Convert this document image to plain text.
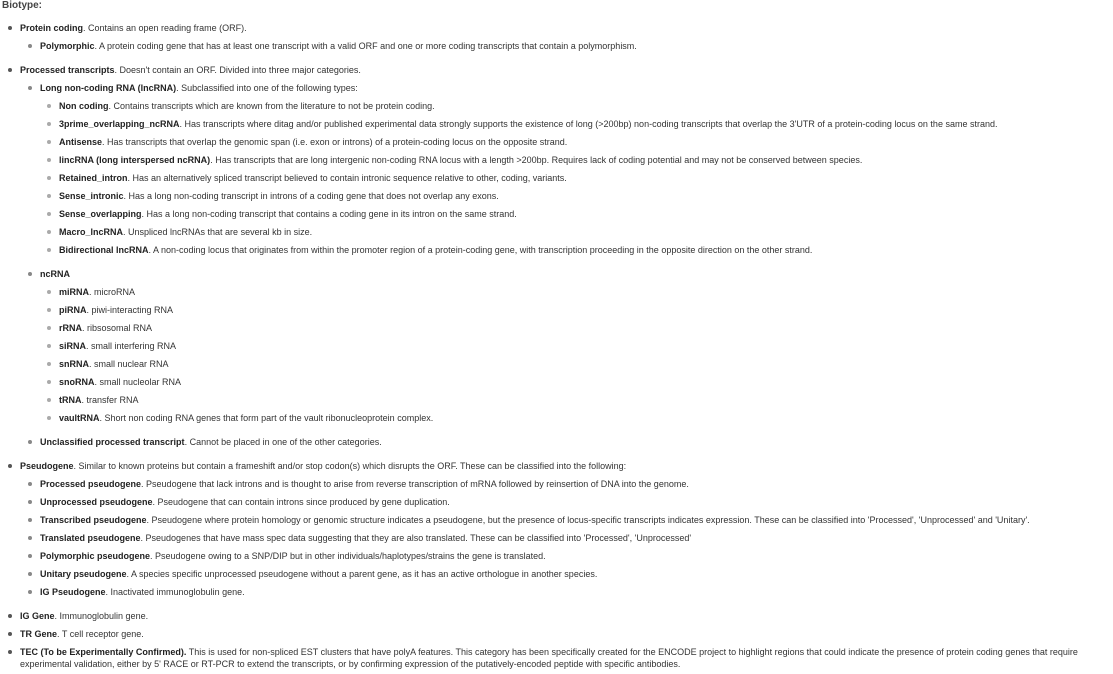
Biotype:
Protein coding. Contains an open reading frame (ORF).
Polymorphic. A protein coding gene that has at least one transcript with a valid ORF and one or more coding transcripts that contain a polymorphism.
Processed transcripts. Doesn't contain an ORF. Divided into three major categories.
Long non-coding RNA (lncRNA). Subclassified into one of the following types:
Non coding. Contains transcripts which are known from the literature to not be protein coding.
3prime_overlapping_ncRNA. Has transcripts where ditag and/or published experimental data strongly supports the existence of long (>200bp) non-coding transcripts that overlap the 3'UTR of a protein-coding locus on the same strand.
Antisense. Has transcripts that overlap the genomic span (i.e. exon or introns) of a protein-coding locus on the opposite strand.
lincRNA (long interspersed ncRNA). Has transcripts that are long intergenic non-coding RNA locus with a length >200bp. Requires lack of coding potential and may not be conserved between species.
Retained_intron. Has an alternatively spliced transcript believed to contain intronic sequence relative to other, coding, variants.
Sense_intronic. Has a long non-coding transcript in introns of a coding gene that does not overlap any exons.
Sense_overlapping. Has a long non-coding transcript that contains a coding gene in its intron on the same strand.
Macro_lncRNA. Unspliced lncRNAs that are several kb in size.
Bidirectional lncRNA. A non-coding locus that originates from within the promoter region of a protein-coding gene, with transcription proceeding in the opposite direction on the other strand.
ncRNA
miRNA. microRNA
piRNA. piwi-interacting RNA
rRNA. ribsosomal RNA
siRNA. small interfering RNA
snRNA. small nuclear RNA
snoRNA. small nucleolar RNA
tRNA. transfer RNA
vaultRNA. Short non coding RNA genes that form part of the vault ribonucleoprotein complex.
Unclassified processed transcript. Cannot be placed in one of the other categories.
Pseudogene. Similar to known proteins but contain a frameshift and/or stop codon(s) which disrupts the ORF. These can be classified into the following:
Processed pseudogene. Pseudogene that lack introns and is thought to arise from reverse transcription of mRNA followed by reinsertion of DNA into the genome.
Unprocessed pseudogene. Pseudogene that can contain introns since produced by gene duplication.
Transcribed pseudogene. Pseudogene where protein homology or genomic structure indicates a pseudogene, but the presence of locus-specific transcripts indicates expression. These can be classified into 'Processed', 'Unprocessed' and 'Unitary'.
Translated pseudogene. Pseudogenes that have mass spec data suggesting that they are also translated. These can be classified into 'Processed', 'Unprocessed'
Polymorphic pseudogene. Pseudogene owing to a SNP/DIP but in other individuals/haplotypes/strains the gene is translated.
Unitary pseudogene. A species specific unprocessed pseudogene without a parent gene, as it has an active orthologue in another species.
IG Pseudogene. Inactivated immunoglobulin gene.
IG Gene. Immunoglobulin gene.
TR Gene. T cell receptor gene.
TEC (To be Experimentally Confirmed). This is used for non-spliced EST clusters that have polyA features. This category has been specifically created for the ENCODE project to highlight regions that could indicate the presence of protein coding genes that require experimental validation, either by 5' RACE or RT-PCR to extend the transcripts, or by confirming expression of the putatively-encoded peptide with specific antibodies.
